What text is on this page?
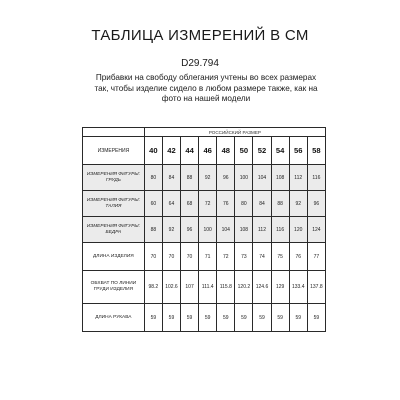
ТАБЛИЦА ИЗМЕРЕНИЙ В СМ
D29.794
Прибавки на свободу облегания учтены во всех размерах так, чтобы изделие сидело в любом размере также, как на фото на нашей модели
	РОССИЙСКИЙ РАЗМЕР									
ИЗМЕРЕНИЯ	40	42	44	46	48	50	52	54	56	58
ИЗМЕРЕНИЯ ФИГУРЫ: ГРУДЬ	80	84	88	92	96	100	104	108	112	116
ИЗМЕРЕНИЯ ФИГУРЫ: ТАЛИЯ	60	64	68	72	76	80	84	88	92	96
ИЗМЕРЕНИЯ ФИГУРЫ: БЕДРА	88	92	96	100	104	108	112	116	120	124
ДЛИНА ИЗДЕЛИЯ	70	70	70	71	72	73	74	75	76	77
ОБХВАТ ПО ЛИНИИ ГРУДИ ИЗДЕЛИЯ	98.2	102.6	107	111.4	115.8	120.2	124.6	129	133.4	137.8
ДЛИНА РУКАВА	59	59	59	59	59	59	59	59	59	59
